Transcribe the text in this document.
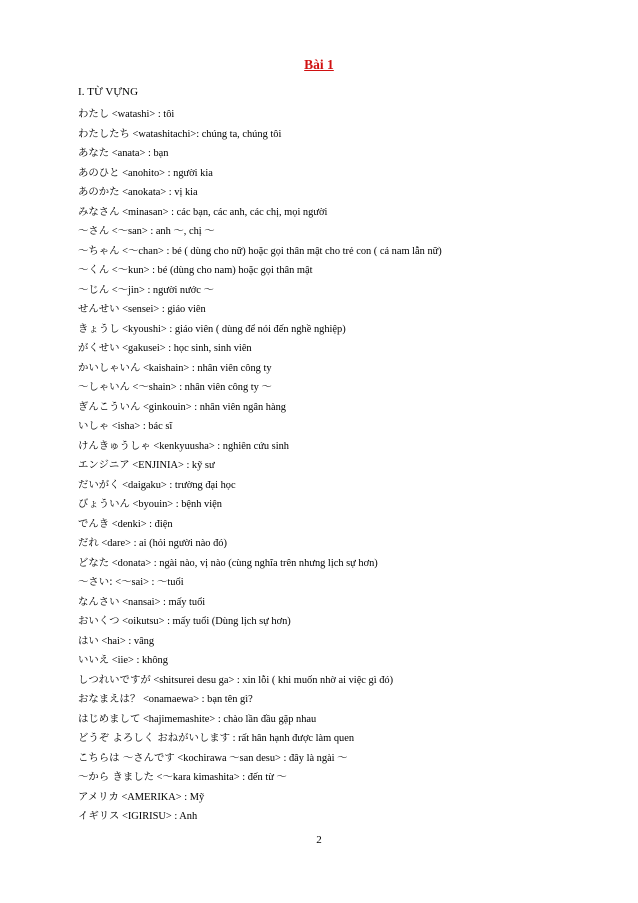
Bài 1
I. TỪ VỰNG
わたし <watashi> : tôi
わたしたち <watashitachi>: chúng ta, chúng tôi
あなた <anata> : bạn
あのひと <anohito> : người kia
あのかた <anokata> : vị kia
みなさん <minasan> : các bạn, các anh, các chị, mọi người
～さん <～san> : anh ～, chị ～
～ちゃん <～chan> : bé ( dùng cho nữ) hoặc gọi thân mật cho trẻ con ( cả nam lẫn nữ)
～くん <～kun> : bé (dùng cho nam) hoặc gọi thân mật
～じん <～jin> : người nước ～
せんせい <sensei> : giáo viên
きょうし <kyoushi> : giáo viên ( dùng để nói đến nghề nghiệp)
がくせい <gakusei> : học sinh, sinh viên
かいしゃいん <kaishain> : nhân viên công ty
～しゃいん <～shain> : nhân viên công ty ～
ぎんこういん <ginkouin> : nhân viên ngân hàng
いしゃ <isha> : bác sĩ
けんきゅうしゃ <kenkyuusha> : nghiên cứu sinh
エンジニア <ENJINIA> : kỹ sư
だいがく <daigaku> : trường đại học
びょういん <byouin> : bệnh viện
でんき <denki> : điện
だれ <dare> : ai (hỏi người nào đó)
どなた <donata> : ngài nào, vị nào (cùng nghĩa trên nhưng lịch sự hơn)
～さい: <～sai> : ～tuổi
なんさい <nansai> : mấy tuổi
おいくつ <oikutsu> : mấy tuổi (Dùng lịch sự hơn)
はい <hai> : vâng
いいえ <iie> : không
しつれいですが <shitsurei desu ga> : xin lỗi ( khi muốn nhờ ai việc gì đó)
おなまえは？ <onamaewa> : bạn tên gì?
はじめまして <hajimemashite> : chào lần đầu gặp nhau
どうぞ よろしく おねがいします : rất hân hạnh được làm quen
こちらは ～さんです <kochirawa ～san desu> : đây là ngài ～
～から きました <～kara kimashita> : đến từ ～
アメリカ <AMERIKA> : Mỹ
イギリス <IGIRISU> : Anh
2
